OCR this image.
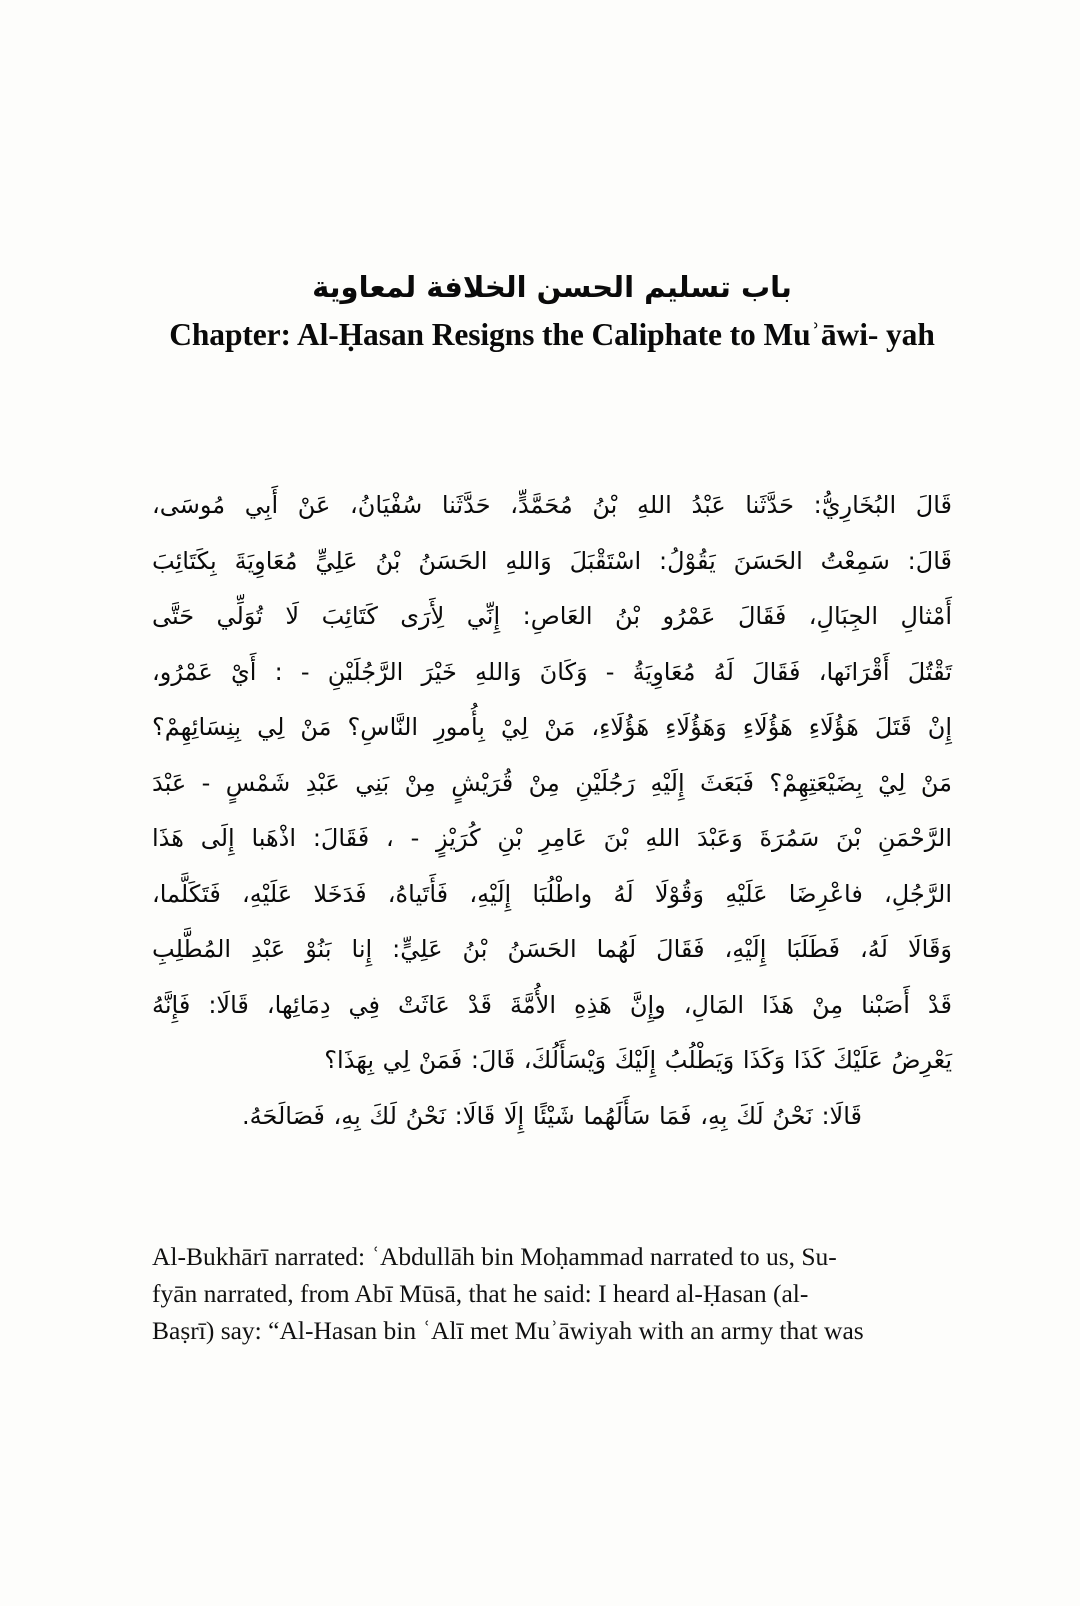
باب تسليم الحسن الخلافة لمعاوية
Chapter: Al-Ḥasan Resigns the Caliphate to Muʾāwi- yah

قَالَ البُخَارِيُّ: حَدَّثَنا عَبْدُ اللهِ بْنُ مُحَمَّدٍّ، حَدَّثَنا سُفْيَانُ، عَنْ أَبِي مُوسَى،
قَالَ: سَمِعْتُ الحَسَنَ يَقُوْلُ: اسْتَقْبَلَ وَاللهِ الحَسَنُ بْنُ عَلِيٍّ مُعَاوِيَةَ بِكَتَائِبَ
أَمْثالِ الجِبَالِ، فَقَالَ عَمْرُو بْنُ العَاصِ: إِنِّي لِأَرَى كَتَائِبَ لَا تُوَلِّي حَتَّى
تَقْتُلَ أَقْرَانَها، فَقَالَ لَهُ مُعَاوِيَةُ - وَكَانَ وَاللهِ خَيْرَ الرَّجُلَيْنِ - : أَيْ عَمْرُو،
إِنْ قَتَلَ هَؤُلَاءِ هَؤُلَاءِ وَهَؤُلَاءِ هَؤُلَاءِ، مَنْ لِيْ بِأُمورِ النَّاسِ؟ مَنْ لِي بِنِسَائِهِمْ؟
مَنْ لِيْ بِضَيْعَتِهِمْ؟ فَبَعَثَ إِلَيْهِ رَجُلَيْنِ مِنْ قُرَيْشٍ مِنْ بَنِي عَبْدِ شَمْسٍ - عَبْدَ
الرَّحْمَنِ بْنَ سَمُرَةَ وَعَبْدَ اللهِ بْنَ عَامِرِ بْنِ كُرَيْزٍ - ، فَقَالَ: اذْهَبا إِلَى هَذَا
الرَّجُلِ، فاعْرِضَا عَلَيْهِ وَقُوْلَا لَهُ واطْلُبَا إِلَيْهِ، فَأَتَياهُ، فَدَخَلا عَلَيْهِ، فَتَكَلَّما،
وَقَالَا لَهُ، فَطَلَبَا إِلَيْهِ، فَقَالَ لَهُما الحَسَنُ بْنُ عَلِيٍّ: إِنا بَنُوْ عَبْدِ المُطَّلِبِ
قَدْ أَصَبْنا مِنْ هَذَا المَالِ، وإِنَّ هَذِهِ الأُمَّةَ قَدْ عَاثَتْ فِي دِمَائِها، قَالَا: فَإِنَّهُ
يَعْرِضُ عَلَيْكَ كَذَا وَكَذَا وَيَطْلُبُ إِلَيْكَ وَيْسَأَلُكَ، قَالَ: فَمَنْ لِي بِهَذَا؟
قَالَا: نَحْنُ لَكَ بِهِ، فَمَا سَأَلَهُما شَيْئًا إِلَا قَالَا: نَحْنُ لَكَ بِهِ، فَصَالَحَهُ.

Al-Bukhārī narrated: ʿAbdullāh bin Moḥammad narrated to us, Su-
fyān narrated, from Abī Mūsā, that he said: I heard al-Ḥasan (al-
Baṣrī) say: “Al-Hasan bin ʿAlī met Muʾāwiyah with an army that was
